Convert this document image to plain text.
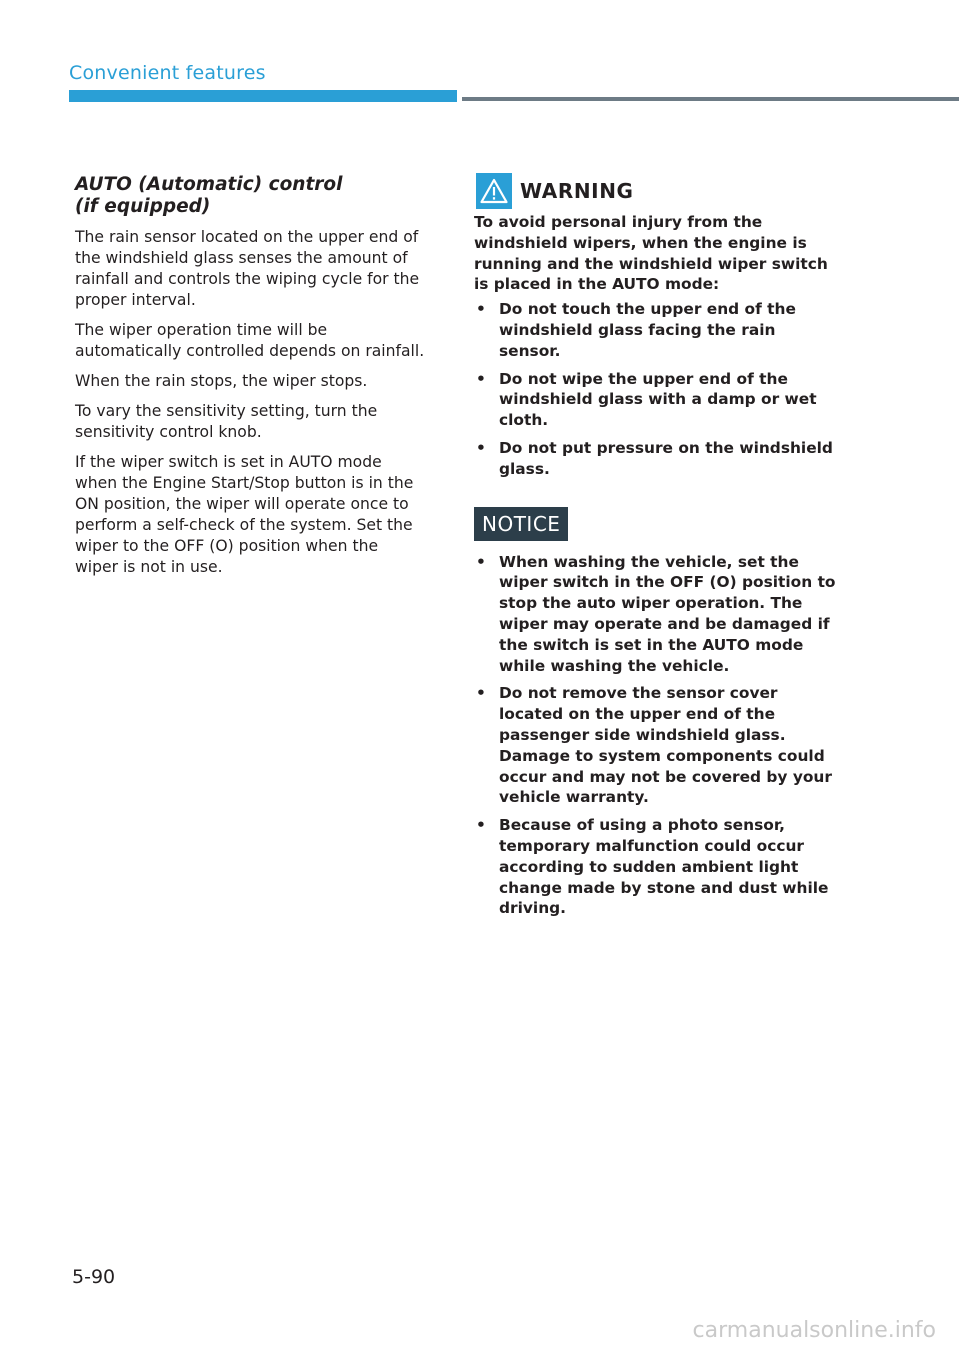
Convenient features
AUTO (Automatic) control
(if equipped)

The rain sensor located on the upper end of the windshield glass senses the amount of rainfall and controls the wiping cycle for the proper interval.

The wiper operation time will be automatically controlled depends on rainfall.

When the rain stops, the wiper stops.

To vary the sensitivity setting, turn the sensitivity control knob.

If the wiper switch is set in AUTO mode when the Engine Start/Stop button is in the ON position, the wiper will operate once to perform a self-check of the system. Set the wiper to the OFF (O) position when the wiper is not in use.

WARNING

To avoid personal injury from the windshield wipers, when the engine is running and the windshield wiper switch is placed in the AUTO mode:

• Do not touch the upper end of the windshield glass facing the rain sensor.
• Do not wipe the upper end of the windshield glass with a damp or wet cloth.
• Do not put pressure on the windshield glass.
NOTICE
• When washing the vehicle, set the wiper switch in the OFF (O) position to stop the auto wiper operation. The wiper may operate and be damaged if the switch is set in the AUTO mode while washing the vehicle.
• Do not remove the sensor cover located on the upper end of the passenger side windshield glass. Damage to system components could occur and may not be covered by your vehicle warranty.
• Because of using a photo sensor, temporary malfunction could occur according to sudden ambient light change made by stone and dust while driving.
5-90
carmanualsonline.info
